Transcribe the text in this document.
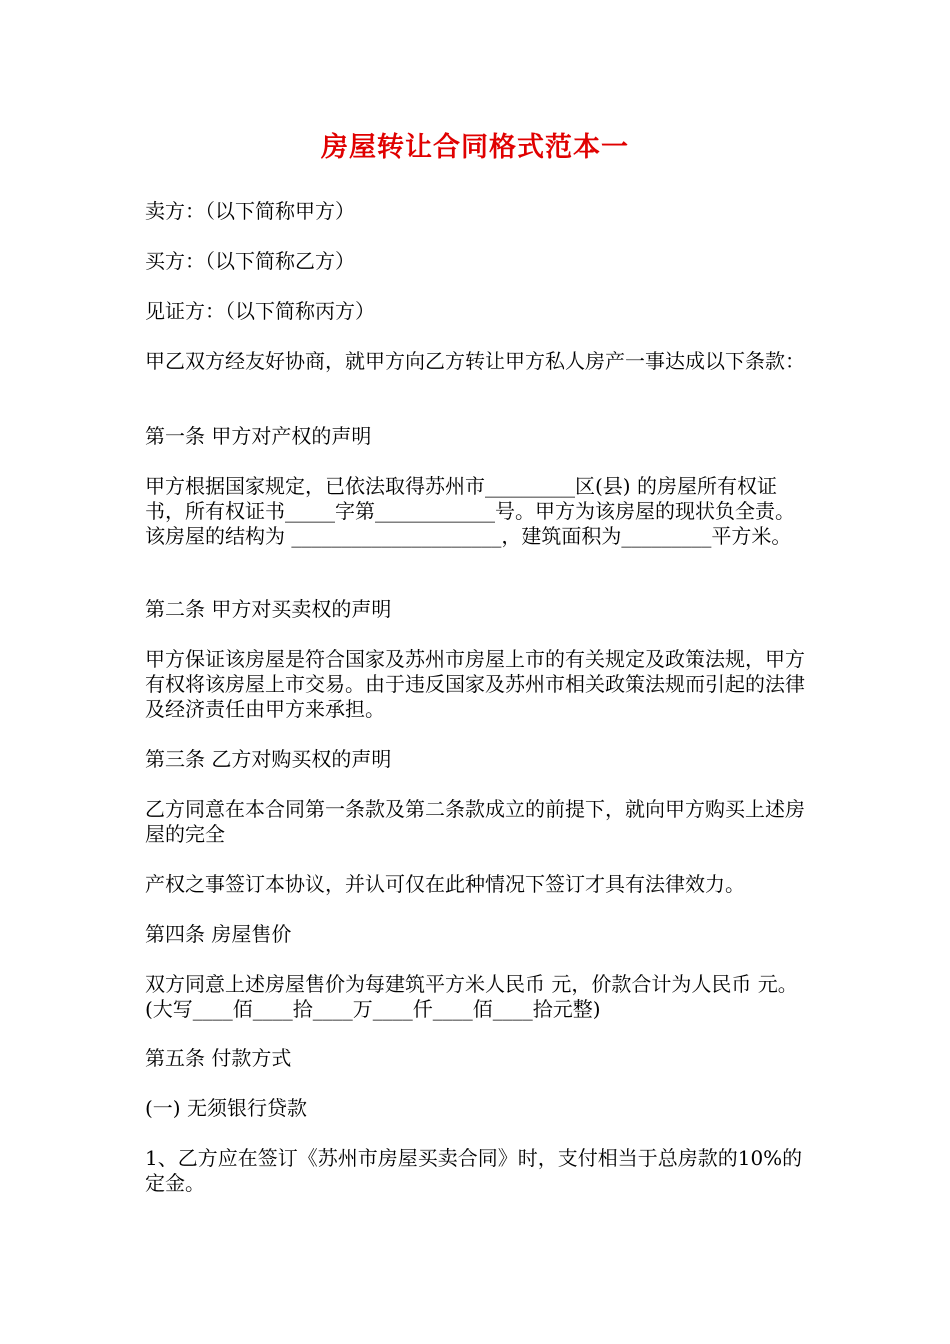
房屋转让合同格式范本一

卖方：（以下简称甲方）

买方：（以下简称乙方）

见证方：（以下简称丙方）

甲乙双方经友好协商，就甲方向乙方转让甲方私人房产一事达成以下条款：

第一条 甲方对产权的声明

甲方根据国家规定，已依法取得苏州市_________区(县) 的房屋所有权证书，所有权证书_____字第____________号。甲方为该房屋的现状负全责。该房屋的结构为 _____________________，建筑面积为_________平方米。

第二条 甲方对买卖权的声明

甲方保证该房屋是符合国家及苏州市房屋上市的有关规定及政策法规，甲方有权将该房屋上市交易。由于违反国家及苏州市相关政策法规而引起的法律及经济责任由甲方来承担。

第三条 乙方对购买权的声明

乙方同意在本合同第一条款及第二条款成立的前提下，就向甲方购买上述房屋的完全

产权之事签订本协议，并认可仅在此种情况下签订才具有法律效力。

第四条 房屋售价

双方同意上述房屋售价为每建筑平方米人民币 元，价款合计为人民币 元。(大写____佰____拾____万____仟____佰____拾元整)

第五条 付款方式

(一) 无须银行贷款

1、乙方应在签订《苏州市房屋买卖合同》时，支付相当于总房款的10%的定金。
